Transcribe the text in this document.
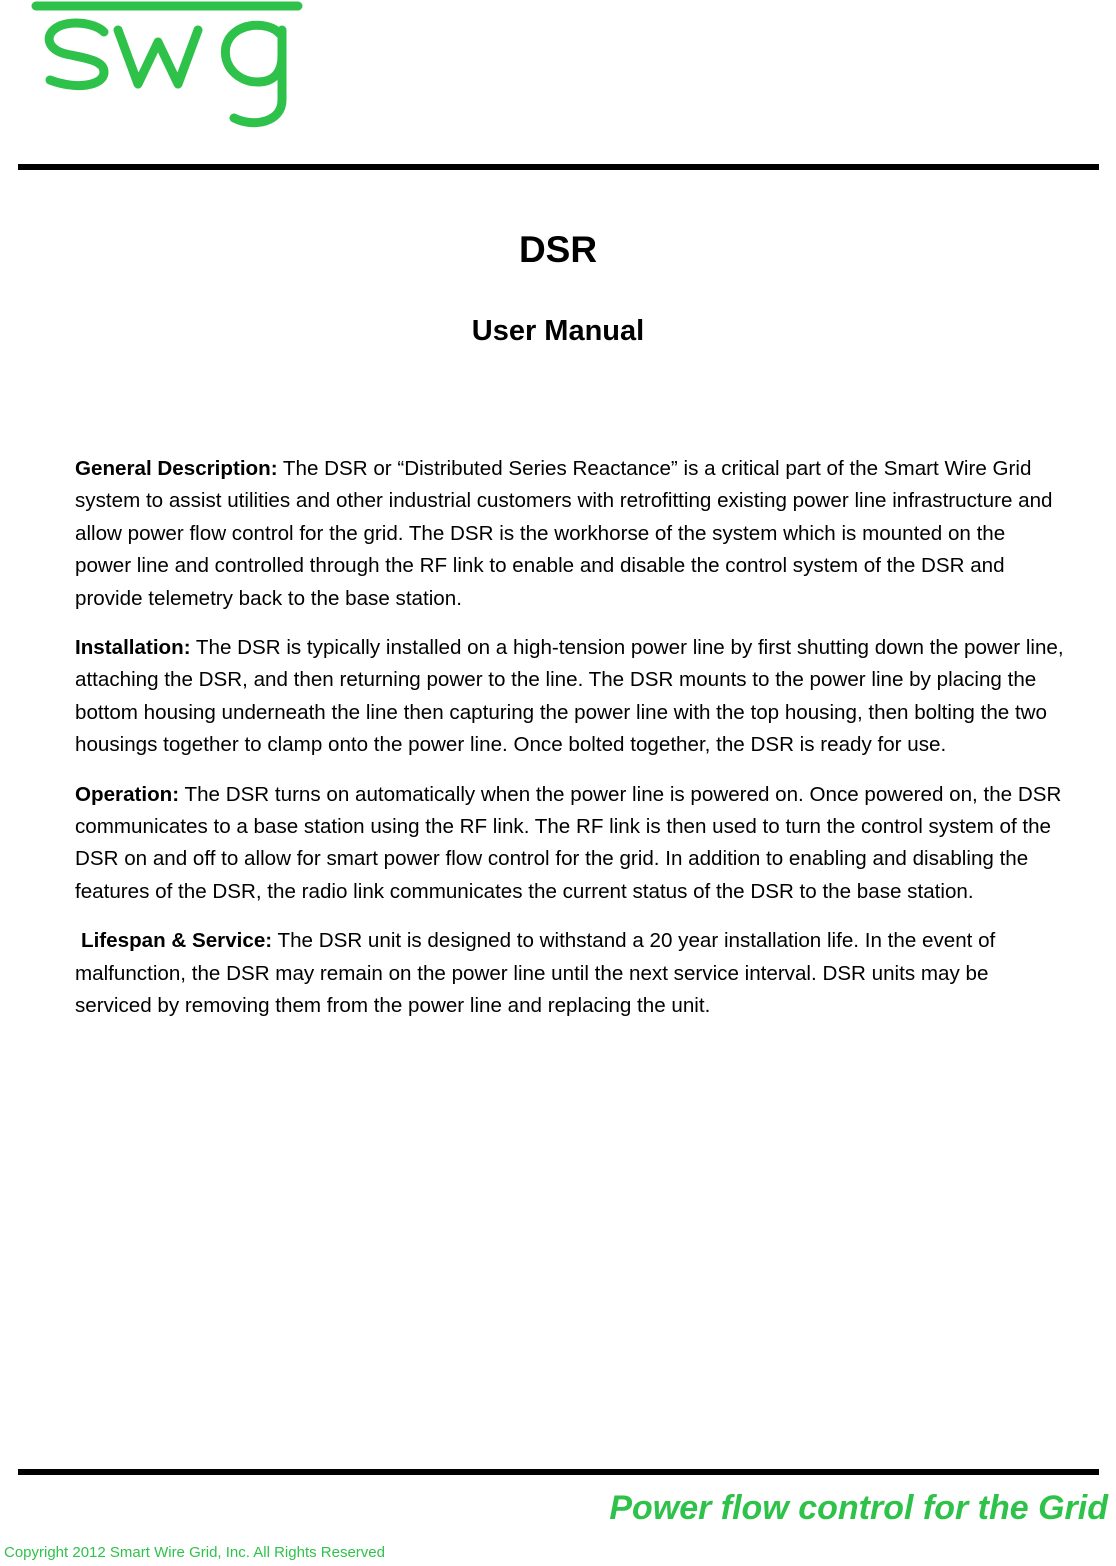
DSR
User Manual

General Description: The DSR or “Distributed Series Reactance” is a critical part of the Smart Wire Grid system to assist utilities and other industrial customers with retrofitting existing power line infrastructure and allow power flow control for the grid. The DSR is the workhorse of the system which is mounted on the power line and controlled through the RF link to enable and disable the control system of the DSR and provide telemetry back to the base station.

Installation: The DSR is typically installed on a high-tension power line by first shutting down the power line, attaching the DSR, and then returning power to the line. The DSR mounts to the power line by placing the bottom housing underneath the line then capturing the power line with the top housing, then bolting the two housings together to clamp onto the power line. Once bolted together, the DSR is ready for use.

Operation: The DSR turns on automatically when the power line is powered on. Once powered on, the DSR communicates to a base station using the RF link. The RF link is then used to turn the control system of the DSR on and off to allow for smart power flow control for the grid. In addition to enabling and disabling the features of the DSR, the radio link communicates the current status of the DSR to the base station.

Lifespan & Service: The DSR unit is designed to withstand a 20 year installation life. In the event of malfunction, the DSR may remain on the power line until the next service interval. DSR units may be serviced by removing them from the power line and replacing the unit.

Power flow control for the Grid
Copyright 2012 Smart Wire Grid, Inc. All Rights Reserved
